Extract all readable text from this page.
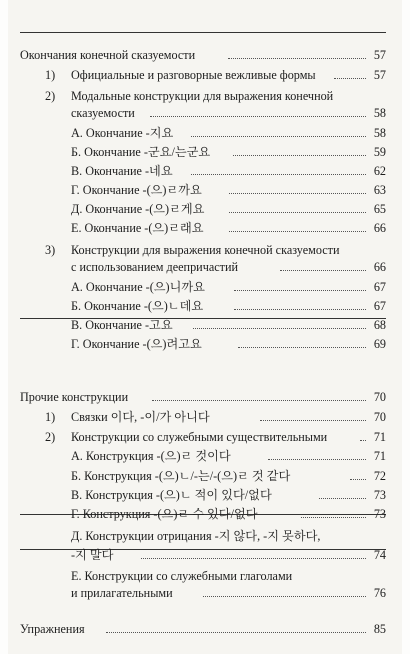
Окончания конечной сказуемости	57
1) Официальные и разговорные вежливые формы	57
2) Модальные конструкции для выражения конечной
сказуемости	58
А. Окончание -지요	58
Б. Окончание -군요/는군요	59
В. Окончание -네요	62
Г. Окончание -(으)ㄹ까요	63
Д. Окончание -(으)ㄹ게요	65
Е. Окончание -(으)ㄹ래요	66
3) Конструкции для выражения конечной сказуемости
с использованием деепричастий	66
А. Окончание -(으)니까요	67
Б. Окончание -(으)ㄴ데요	67
В. Окончание -고요	68
Г. Окончание -(으)려고요	69
Прочие конструкции	70
1) Связки 이다, -이/가 아니다	70
2) Конструкции со служебными существительными	71
А. Конструкция -(으)ㄹ 것이다	71
Б. Конструкция -(으)ㄴ/-는/-(으)ㄹ 것 같다	72
В. Конструкция -(으)ㄴ 적이 있다/없다	73
Г. Конструкция -(으)ㄹ 수 있다/없다	73
Д. Конструкции отрицания -지 않다, -지 못하다,
-지 말다	74
Е. Конструкции со служебными глаголами
и прилагательными	76
Упражнения	85
